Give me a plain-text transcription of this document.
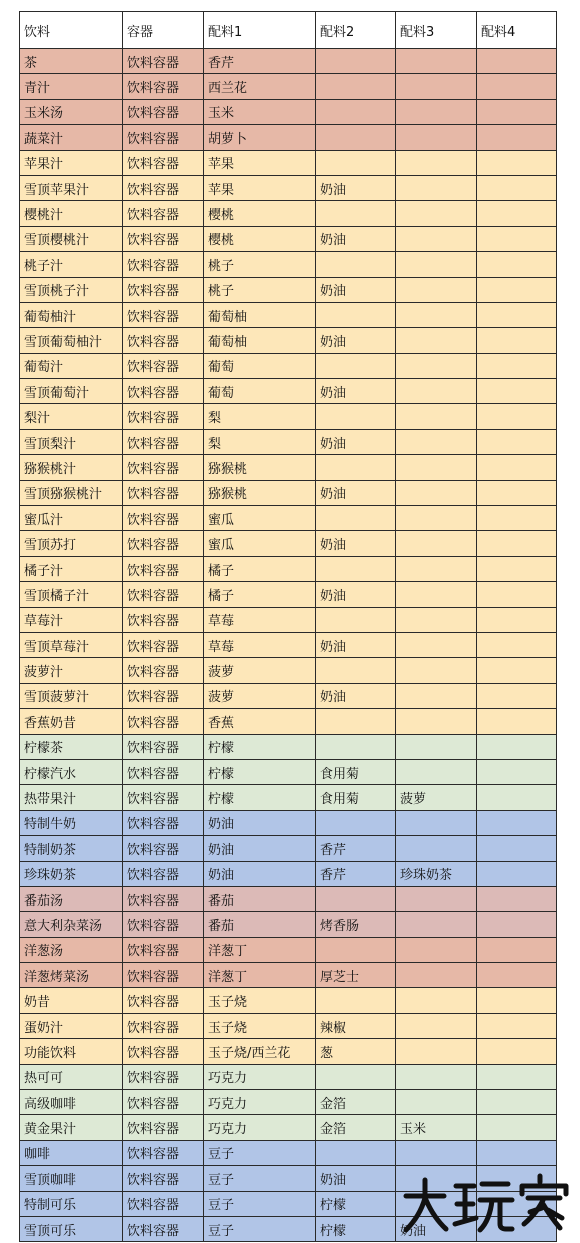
饮料	容器	配料1	配料2	配料3	配料4
茶	饮料容器	香芹			
青汁	饮料容器	西兰花			
玉米汤	饮料容器	玉米			
蔬菜汁	饮料容器	胡萝卜			
苹果汁	饮料容器	苹果			
雪顶苹果汁	饮料容器	苹果	奶油		
樱桃汁	饮料容器	樱桃			
雪顶樱桃汁	饮料容器	樱桃	奶油		
桃子汁	饮料容器	桃子			
雪顶桃子汁	饮料容器	桃子	奶油		
葡萄柚汁	饮料容器	葡萄柚			
雪顶葡萄柚汁	饮料容器	葡萄柚	奶油		
葡萄汁	饮料容器	葡萄			
雪顶葡萄汁	饮料容器	葡萄	奶油		
梨汁	饮料容器	梨			
雪顶梨汁	饮料容器	梨	奶油		
猕猴桃汁	饮料容器	猕猴桃			
雪顶猕猴桃汁	饮料容器	猕猴桃	奶油		
蜜瓜汁	饮料容器	蜜瓜			
雪顶苏打	饮料容器	蜜瓜	奶油		
橘子汁	饮料容器	橘子			
雪顶橘子汁	饮料容器	橘子	奶油		
草莓汁	饮料容器	草莓			
雪顶草莓汁	饮料容器	草莓	奶油		
菠萝汁	饮料容器	菠萝			
雪顶菠萝汁	饮料容器	菠萝	奶油		
香蕉奶昔	饮料容器	香蕉			
柠檬茶	饮料容器	柠檬			
柠檬汽水	饮料容器	柠檬	食用菊		
热带果汁	饮料容器	柠檬	食用菊	菠萝	
特制牛奶	饮料容器	奶油			
特制奶茶	饮料容器	奶油	香芹		
珍珠奶茶	饮料容器	奶油	香芹	珍珠奶茶	
番茄汤	饮料容器	番茄			
意大利杂菜汤	饮料容器	番茄	烤香肠		
洋葱汤	饮料容器	洋葱丁			
洋葱烤菜汤	饮料容器	洋葱丁	厚芝士		
奶昔	饮料容器	玉子烧			
蛋奶汁	饮料容器	玉子烧	辣椒		
功能饮料	饮料容器	玉子烧/西兰花	葱		
热可可	饮料容器	巧克力			
高级咖啡	饮料容器	巧克力	金箔		
黄金果汁	饮料容器	巧克力	金箔	玉米	
咖啡	饮料容器	豆子			
雪顶咖啡	饮料容器	豆子	奶油		
特制可乐	饮料容器	豆子	柠檬		
雪顶可乐	饮料容器	豆子	柠檬	奶油	
